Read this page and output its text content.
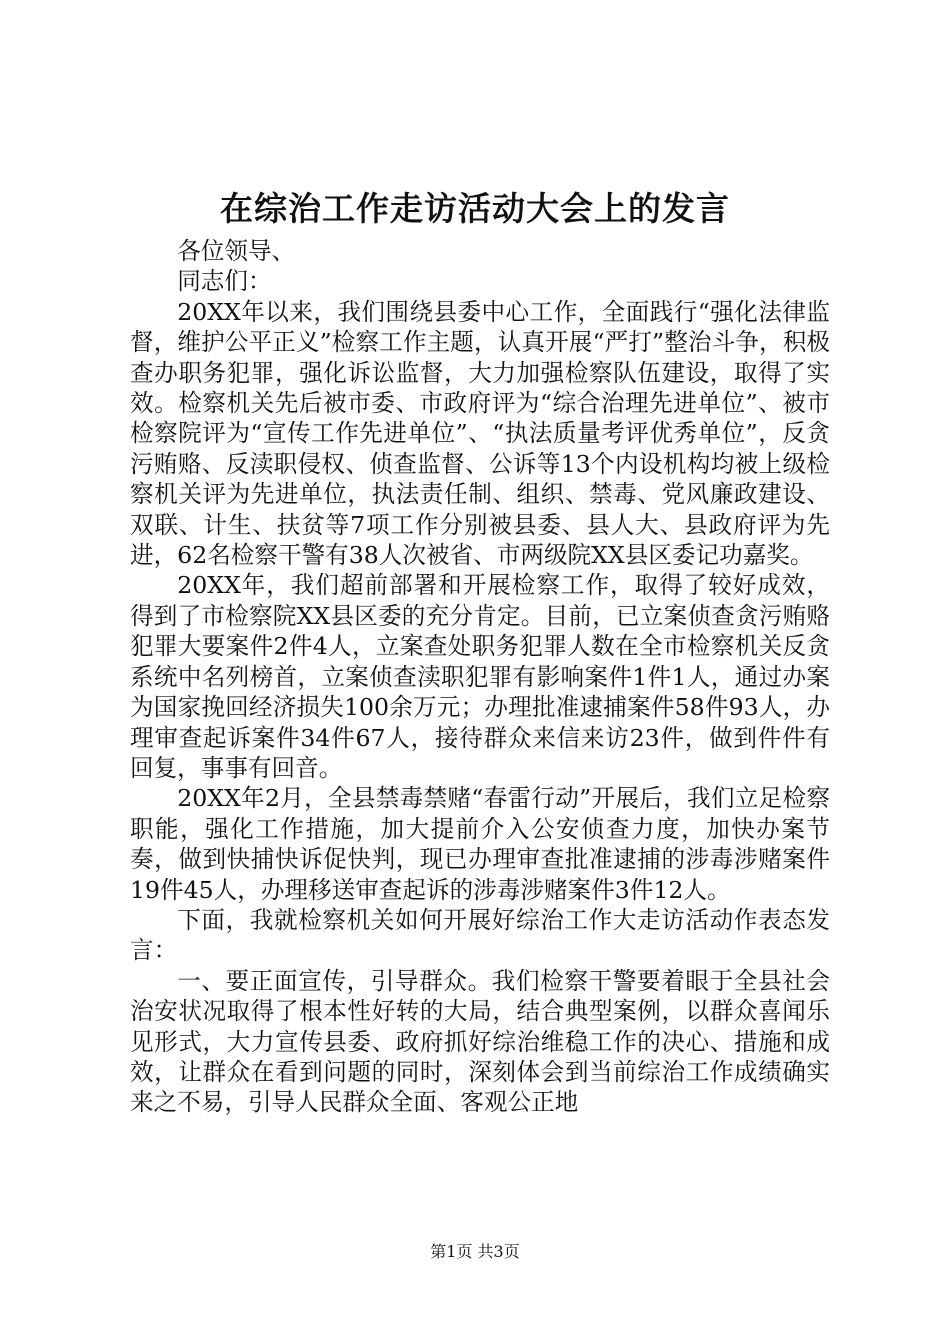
在综治工作走访活动大会上的发言

各位领导、

同志们：

20XX年以来，我们围绕县委中心工作，全面践行“强化法律监督，维护公平正义”检察工作主题，认真开展“严打”整治斗争，积极查办职务犯罪，强化诉讼监督，大力加强检察队伍建设，取得了实效。检察机关先后被市委、市政府评为“综合治理先进单位”、被市检察院评为“宣传工作先进单位”、“执法质量考评优秀单位”，反贪污贿赂、反渎职侵权、侦查监督、公诉等13个内设机构均被上级检察机关评为先进单位，执法责任制、组织、禁毒、党风廉政建设、双联、计生、扶贫等7项工作分别被县委、县人大、县政府评为先进，62名检察干警有38人次被省、市两级院XX县区委记功嘉奖。

20XX年，我们超前部署和开展检察工作，取得了较好成效，得到了市检察院XX县区委的充分肯定。目前，已立案侦查贪污贿赂犯罪大要案件2件4人，立案查处职务犯罪人数在全市检察机关反贪系统中名列榜首，立案侦查渎职犯罪有影响案件1件1人，通过办案为国家挽回经济损失100余万元；办理批准逮捕案件58件93人，办理审查起诉案件34件67人，接待群众来信来访23件，做到件件有回复，事事有回音。

20XX年2月，全县禁毒禁赌“春雷行动”开展后，我们立足检察职能，强化工作措施，加大提前介入公安侦查力度，加快办案节奏，做到快捕快诉促快判，现已办理审查批准逮捕的涉毒涉赌案件19件45人，办理移送审查起诉的涉毒涉赌案件3件12人。

下面，我就检察机关如何开展好综治工作大走访活动作表态发言：

一、要正面宣传，引导群众。我们检察干警要着眼于全县社会治安状况取得了根本性好转的大局，结合典型案例，以群众喜闻乐见形式，大力宣传县委、政府抓好综治维稳工作的决心、措施和成效，让群众在看到问题的同时，深刻体会到当前综治工作成绩确实来之不易，引导人民群众全面、客观公正地

第1页 共3页
